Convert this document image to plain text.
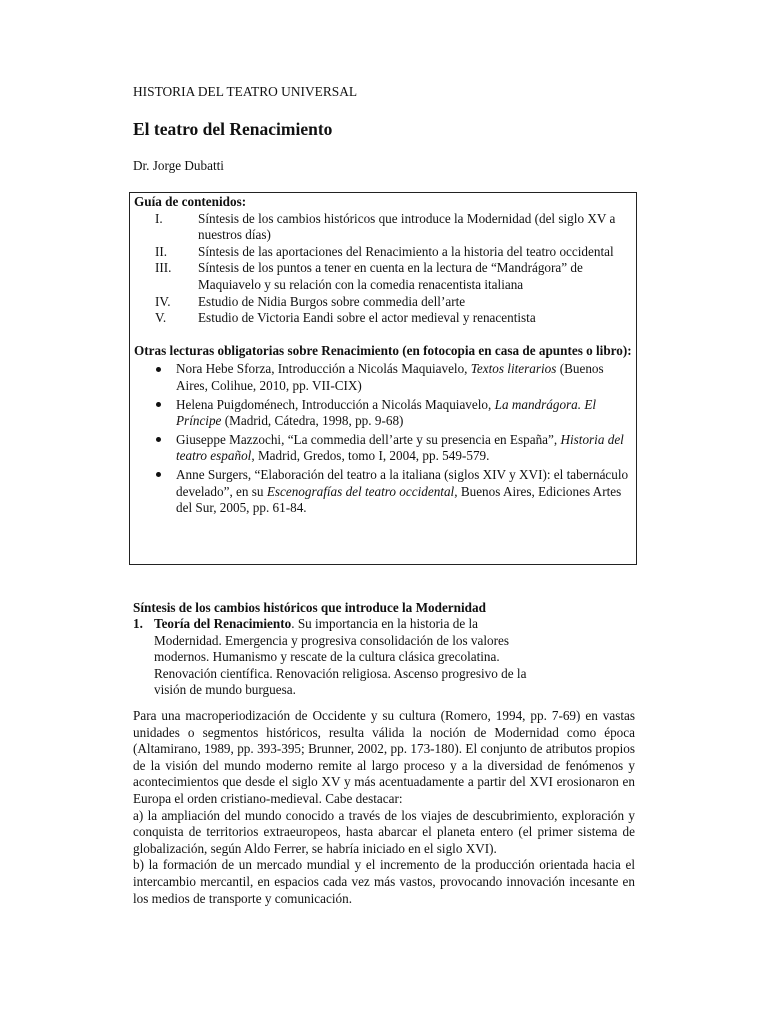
HISTORIA DEL TEATRO UNIVERSAL
El teatro del Renacimiento
Dr. Jorge Dubatti
Guía de contenidos:
I.	Síntesis de los cambios históricos que introduce la Modernidad (del siglo XV a nuestros días)
II.	Síntesis de las aportaciones del Renacimiento a la historia del teatro occidental
III.	Síntesis de los puntos a tener en cuenta en la lectura de “Mandrágora” de Maquiavelo y su relación con la comedia renacentista italiana
IV.	Estudio de Nidia Burgos sobre commedia dell’arte
V.	Estudio de Victoria Eandi sobre el actor medieval y renacentista
Otras lecturas obligatorias sobre Renacimiento (en fotocopia en casa de apuntes o libro):
Nora Hebe Sforza, Introducción a Nicolás Maquiavelo, Textos literarios (Buenos Aires, Colihue, 2010, pp. VII-CIX)
Helena Puigdoménech, Introducción a Nicolás Maquiavelo, La mandrágora. El Príncipe (Madrid, Cátedra, 1998, pp. 9-68)
Giuseppe Mazzochi, “La commedia dell’arte y su presencia en España”, Historia del teatro español, Madrid, Gredos, tomo I, 2004, pp. 549-579.
Anne Surgers, “Elaboración del teatro a la italiana (siglos XIV y XVI): el tabernáculo develado”, en su Escenografías del teatro occidental, Buenos Aires, Ediciones Artes del Sur, 2005, pp. 61-84.
Síntesis de los cambios históricos que introduce la Modernidad
1. Teoría del Renacimiento. Su importancia en la historia de la Modernidad. Emergencia y progresiva consolidación de los valores modernos. Humanismo y rescate de la cultura clásica grecolatina. Renovación científica. Renovación religiosa. Ascenso progresivo de la visión de mundo burguesa.

Para una macroperiodización de Occidente y su cultura (Romero, 1994, pp. 7-69) en vastas unidades o segmentos históricos, resulta válida la noción de Modernidad como época (Altamirano, 1989, pp. 393-395; Brunner, 2002, pp. 173-180). El conjunto de atributos propios de la visión del mundo moderno remite al largo proceso y a la diversidad de fenómenos y acontecimientos que desde el siglo XV y más acentuadamente a partir del XVI erosionaron en Europa el orden cristiano-medieval. Cabe destacar:

a) la ampliación del mundo conocido a través de los viajes de descubrimiento, exploración y conquista de territorios extraeuropeos, hasta abarcar el planeta entero (el primer sistema de globalización, según Aldo Ferrer, se habría iniciado en el siglo XVI).

b) la formación de un mercado mundial y el incremento de la producción orientada hacia el intercambio mercantil, en espacios cada vez más vastos, provocando innovación incesante en los medios de transporte y comunicación.
